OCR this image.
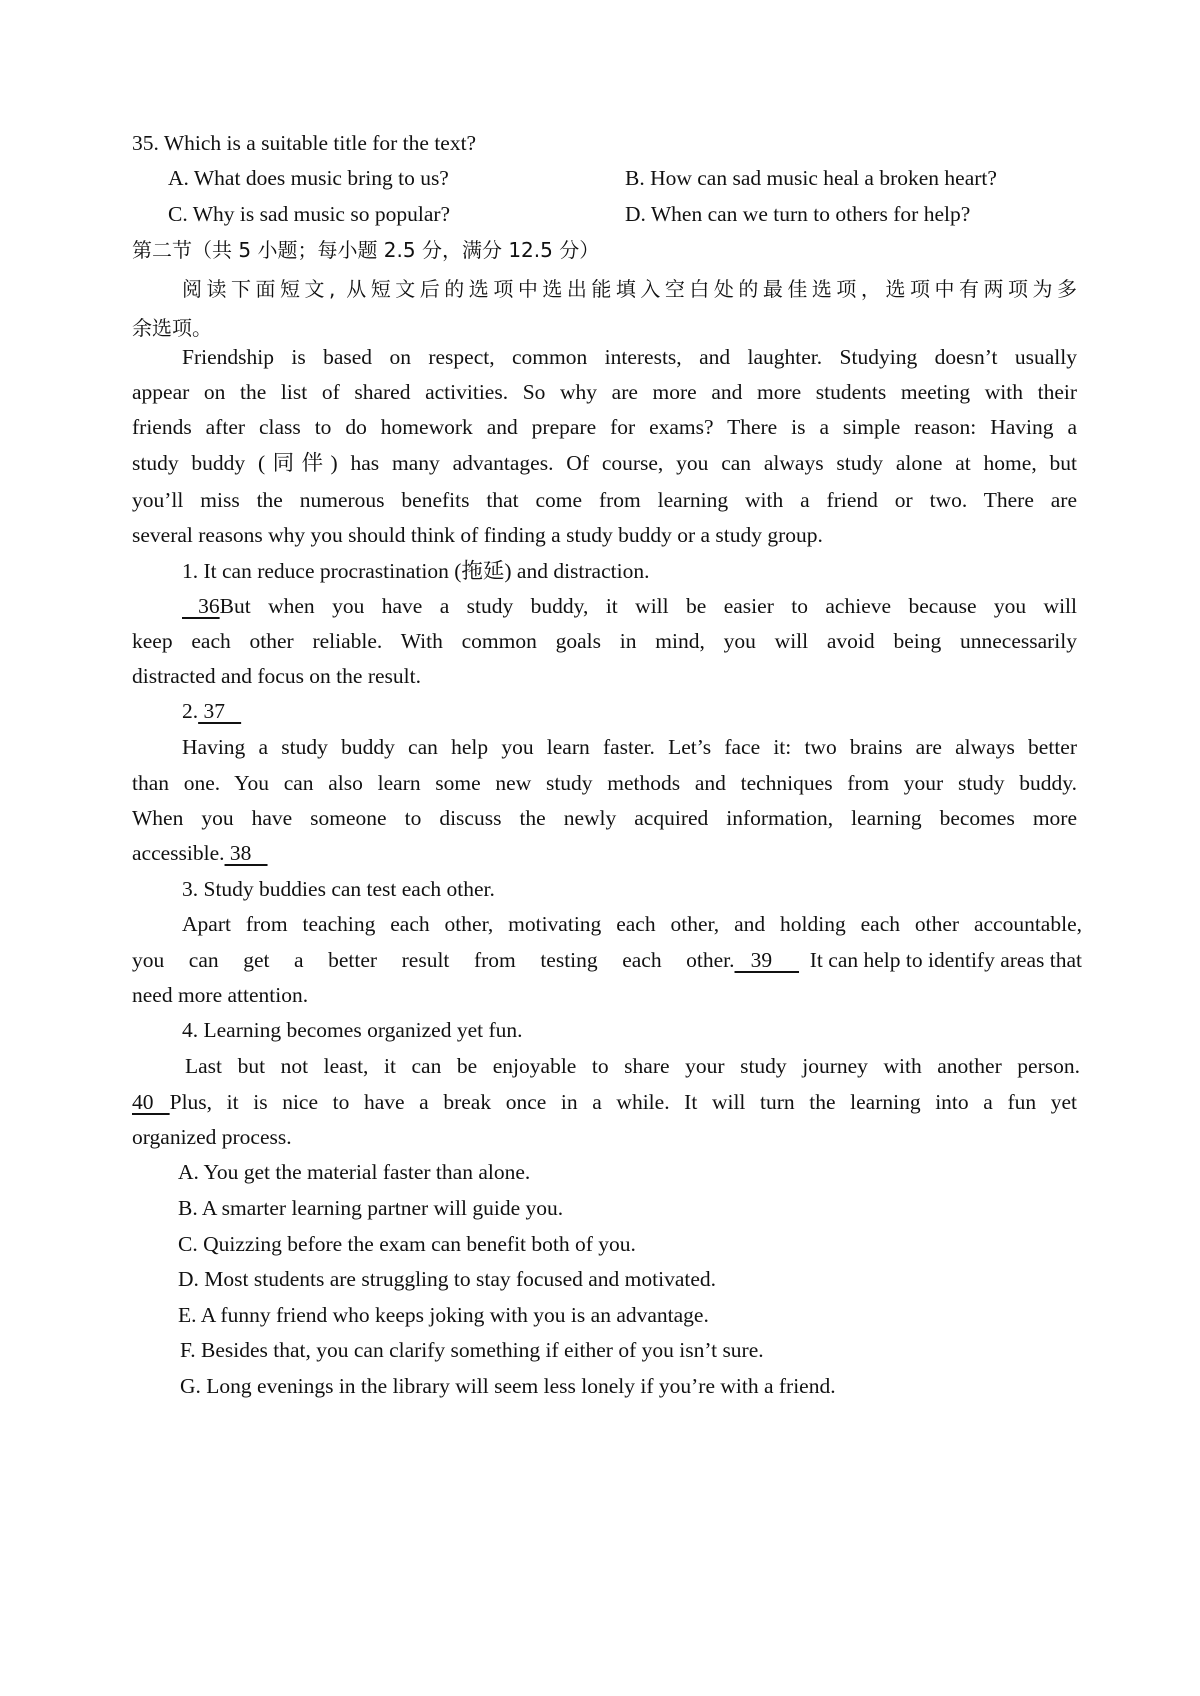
35. Which is a suitable title for the text?
A. What does music bring to us?	B. How can sad music heal a broken heart?
C. Why is sad music so popular?	D. When can we turn to others for help?
第二节（共 5 小题；每小题 2.5 分，满分 12.5 分）
阅读下面短文, 从短文后的选项中选出能填入空白处的最佳选项，选项中有两项为多
余选项。
Friendship is based on respect, common interests, and laughter. Studying doesn’t usually
appear on the list of shared activities. So why are more and more students meeting with their
friends after class to do homework and prepare for exams? There is a simple reason: Having a
study buddy (同伴) has many advantages. Of course, you can always study alone at home, but
you’ll miss the numerous benefits that come from learning with a friend or two. There are
several reasons why you should think of finding a study buddy or a study group.
1. It can reduce procrastination (拖延) and distraction.
36 But when you have a study buddy, it will be easier to achieve because you will
keep each other reliable. With common goals in mind, you will avoid being unnecessarily
distracted and focus on the result.
2. 37
Having a study buddy can help you learn faster. Let’s face it: two brains are always better
than one. You can also learn some new study methods and techniques from your study buddy.
When you have someone to discuss the newly acquired information, learning becomes more
accessible. 38
3. Study buddies can test each other.
Apart from teaching each other, motivating each other, and holding each other accountable,
you can get a better result from testing each other. 39 It can help to identify areas that
need more attention.
4. Learning becomes organized yet fun.
Last but not least, it can be enjoyable to share your study journey with another person.
40 Plus, it is nice to have a break once in a while. It will turn the learning into a fun yet
organized process.
A. You get the material faster than alone.
B. A smarter learning partner will guide you.
C. Quizzing before the exam can benefit both of you.
D. Most students are struggling to stay focused and motivated.
E. A funny friend who keeps joking with you is an advantage.
F. Besides that, you can clarify something if either of you isn’t sure.
G. Long evenings in the library will seem less lonely if you’re with a friend.
